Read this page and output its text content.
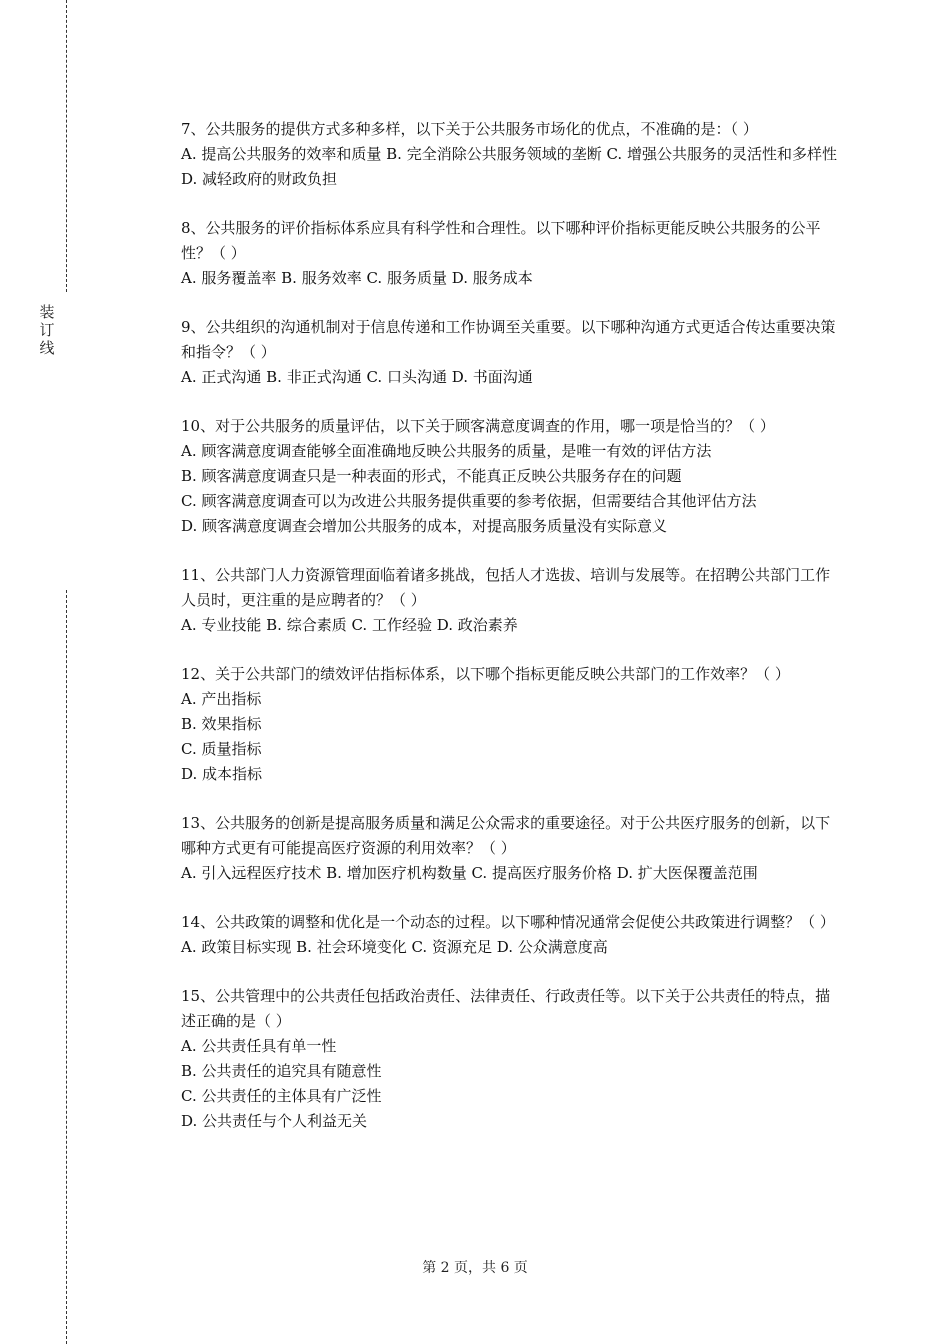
装
订
线

7、公共服务的提供方式多种多样，以下关于公共服务市场化的优点，不准确的是：（ ）

A. 提高公共服务的效率和质量 B. 完全消除公共服务领域的垄断 C. 增强公共服务的灵活性和多样性 D. 减轻政府的财政负担

8、公共服务的评价指标体系应具有科学性和合理性。以下哪种评价指标更能反映公共服务的公平性？（ ）

A. 服务覆盖率 B. 服务效率 C. 服务质量 D. 服务成本

9、公共组织的沟通机制对于信息传递和工作协调至关重要。以下哪种沟通方式更适合传达重要决策和指令？（ ）

A. 正式沟通 B. 非正式沟通 C. 口头沟通 D. 书面沟通

10、对于公共服务的质量评估，以下关于顾客满意度调查的作用，哪一项是恰当的？（ ）

A. 顾客满意度调查能够全面准确地反映公共服务的质量，是唯一有效的评估方法

B. 顾客满意度调查只是一种表面的形式，不能真正反映公共服务存在的问题

C. 顾客满意度调查可以为改进公共服务提供重要的参考依据，但需要结合其他评估方法

D. 顾客满意度调查会增加公共服务的成本，对提高服务质量没有实际意义

11、公共部门人力资源管理面临着诸多挑战，包括人才选拔、培训与发展等。在招聘公共部门工作人员时，更注重的是应聘者的？（ ）

A. 专业技能 B. 综合素质 C. 工作经验 D. 政治素养

12、关于公共部门的绩效评估指标体系，以下哪个指标更能反映公共部门的工作效率？（ ）

A. 产出指标

B. 效果指标

C. 质量指标

D. 成本指标

13、公共服务的创新是提高服务质量和满足公众需求的重要途径。对于公共医疗服务的创新，以下哪种方式更有可能提高医疗资源的利用效率？（ ）

A. 引入远程医疗技术 B. 增加医疗机构数量 C. 提高医疗服务价格 D. 扩大医保覆盖范围

14、公共政策的调整和优化是一个动态的过程。以下哪种情况通常会促使公共政策进行调整？（ ）

A. 政策目标实现 B. 社会环境变化 C. 资源充足 D. 公众满意度高

15、公共管理中的公共责任包括政治责任、法律责任、行政责任等。以下关于公共责任的特点，描述正确的是（ ）

A. 公共责任具有单一性

B. 公共责任的追究具有随意性

C. 公共责任的主体具有广泛性

D. 公共责任与个人利益无关

第 2 页，共 6 页
